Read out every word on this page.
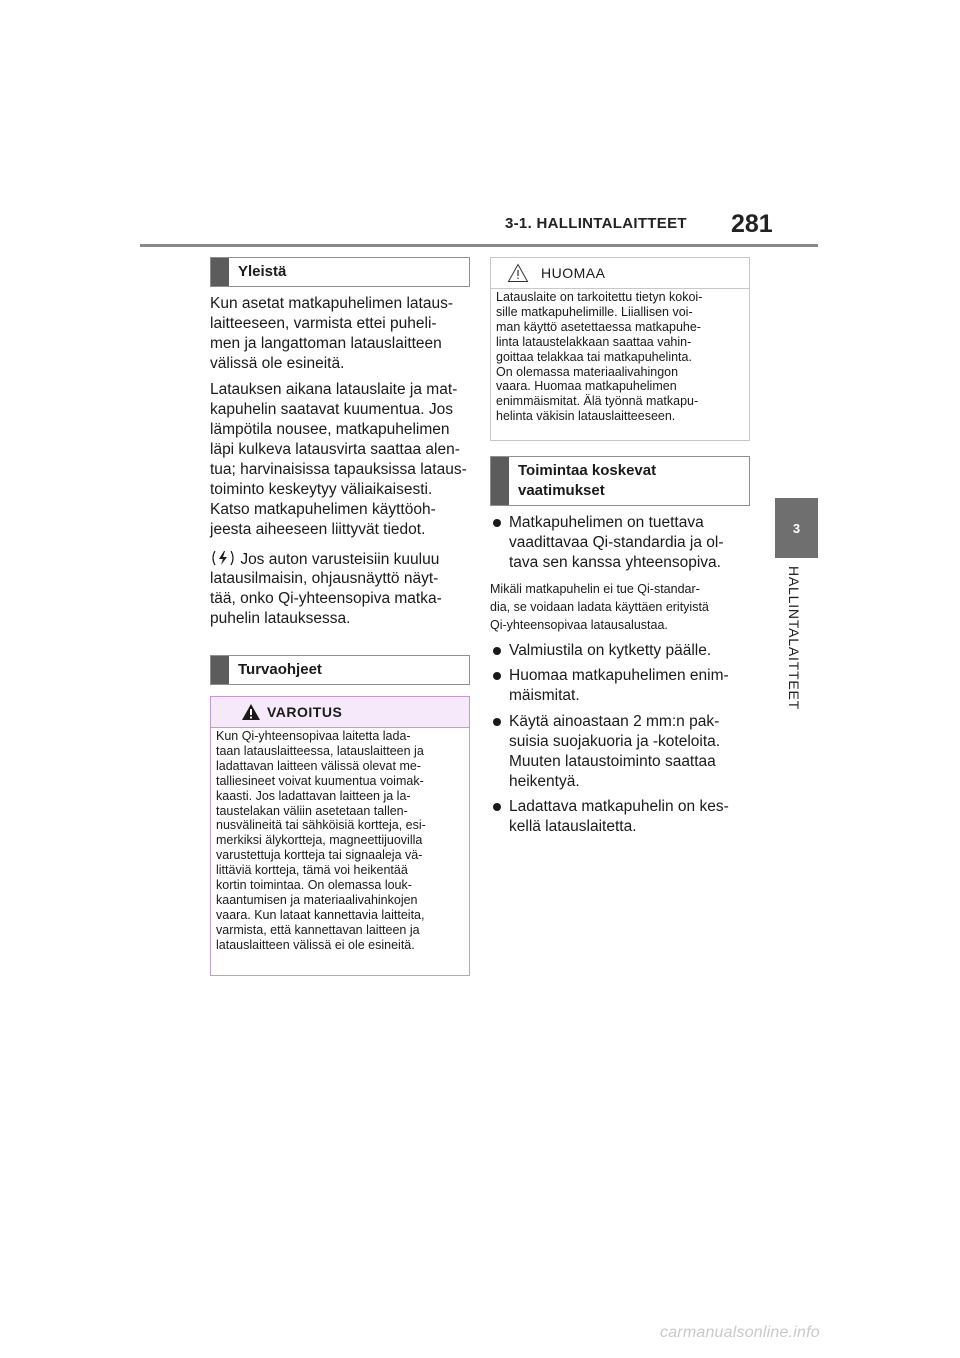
3-1. HALLINTALAITTEET 281
3
HALLINTALAITTEET
Yleistä

Kun asetat matkapuhelimen lataus-
laitteeseen, varmista ettei puheli-
men ja langattoman latauslaitteen
välissä ole esineitä.

Latauksen aikana latauslaite ja mat-
kapuhelin saatavat kuumentua. Jos
lämpötila nousee, matkapuhelimen
läpi kulkeva latausvirta saattaa alen-
tua; harvinaisissa tapauksissa lataus-
toiminto keskeytyy väliaikaisesti.
Katso matkapuhelimen käyttöoh-
jeesta aiheeseen liittyvät tiedot.

Jos auton varusteisiin kuuluu
latausilmaisin, ohjausnäyttö näyt-
tää, onko Qi-yhteensopiva matka-
puhelin latauksessa.
Turvaohjeet
VAROITUS
Kun Qi-yhteensopivaa laitetta lada-
taan latauslaitteessa, latauslaitteen ja
ladattavan laitteen välissä olevat me-
talliesineet voivat kuumentua voimak-
kaasti. Jos ladattavan laitteen ja la-
taustelakan väliin asetetaan tallen-
nusvälineitä tai sähköisiä kortteja, esi-
merkiksi älykortteja, magneettijuovilla
varustettuja kortteja tai signaaleja vä-
littäviä kortteja, tämä voi heikentää
kortin toimintaa. On olemassa louk-
kaantumisen ja materiaalivahinkojen
vaara. Kun lataat kannettavia laitteita,
varmista, että kannettavan laitteen ja
latauslaitteen välissä ei ole esineitä.
HUOMAA
Latauslaite on tarkoitettu tietyn kokoi-
sille matkapuhelimille. Liiallisen voi-
man käyttö asetettaessa matkapuhe-
linta lataustelakkaan saattaa vahin-
goittaa telakkaa tai matkapuhelinta.
On olemassa materiaalivahingon
vaara. Huomaa matkapuhelimen
enimmäismitat. Älä työnnä matkapu-
helinta väkisin latauslaitteeseen.
Toimintaa koskevat
vaatimukset
Matkapuhelimen on tuettava
vaadittavaa Qi-standardia ja ol-
tava sen kanssa yhteensopiva.

Mikäli matkapuhelin ei tue Qi-standar-
dia, se voidaan ladata käyttäen erityistä
Qi-yhteensopivaa latausalustaa.

Valmiustila on kytketty päälle.
Huomaa matkapuhelimen enim-
mäismitat.
Käytä ainoastaan 2 mm:n pak-
suisia suojakuoria ja -koteloita.
Muuten lataustoiminto saattaa
heikentyä.
Ladattava matkapuhelin on kes-
kellä latauslaitetta.
carmanualsonline.info
